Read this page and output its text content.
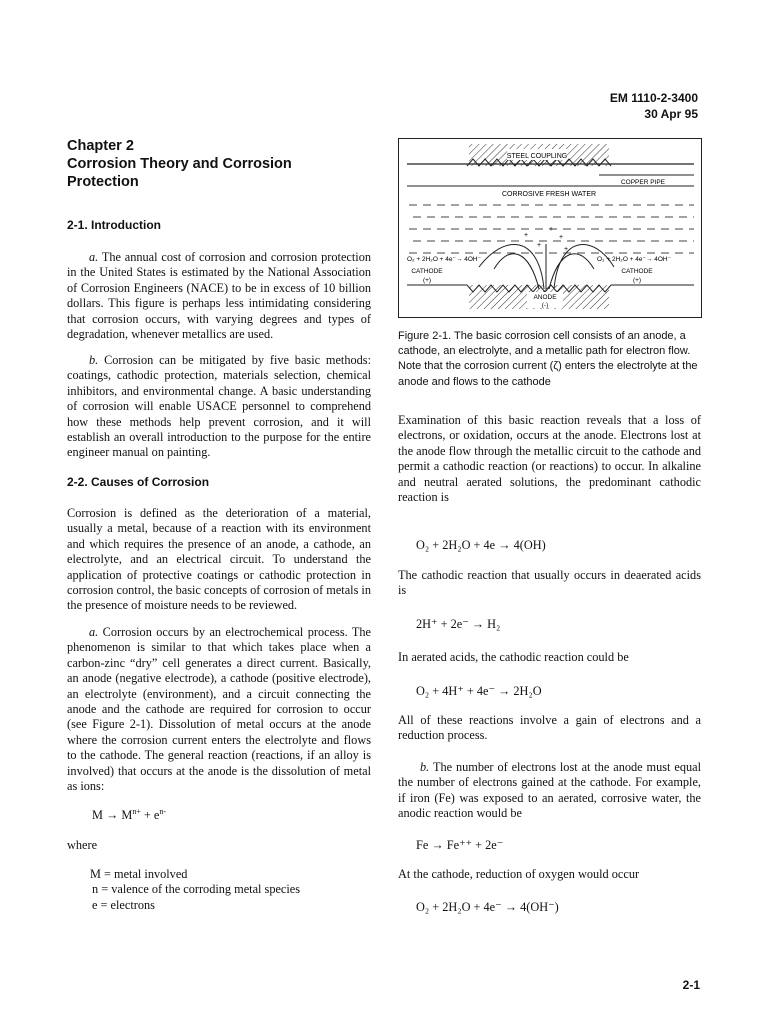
EM 1110-2-3400
30 Apr 95
Chapter 2
Corrosion Theory and Corrosion
Protection
2-1. Introduction
a. The annual cost of corrosion and corrosion protection in the United States is estimated by the National Association of Corrosion Engineers (NACE) to be in excess of 10 billion dollars. This figure is perhaps less intimidating considering that corrosion occurs, with varying degrees and types of degradation, whenever metallics are used.
b. Corrosion can be mitigated by five basic methods: coatings, cathodic protection, materials selection, chemical inhibitors, and environmental change. A basic understanding of corrosion will enable USACE personnel to comprehend how these methods help prevent corrosion, and it will establish an overall introduction to the purpose for the entire engineer manual on painting.
2-2. Causes of Corrosion
Corrosion is defined as the deterioration of a material, usually a metal, because of a reaction with its environment and which requires the presence of an anode, a cathode, an electrolyte, and an electrical circuit. To understand the application of protective coatings or cathodic protection in corrosion control, the basic concepts of corrosion of metals in the presence of moisture needs to be reviewed.
a. Corrosion occurs by an electrochemical process. The phenomenon is similar to that which takes place when a carbon-zinc “dry” cell generates a direct current. Basically, an anode (negative electrode), a cathode (positive electrode), an electrolyte (environment), and a circuit connecting the anode and the cathode are required for corrosion to occur (see Figure 2-1). Dissolution of metal occurs at the anode where the corrosion current enters the electrolyte and flows to the cathode. The general reaction (reactions, if an alloy is involved) that occurs at the anode is the dissolution of metal as ions:
$M \to M^{n+} + e^{n-}$
where
M = metal involved
n = valence of the corroding metal species
e = electrons
STEEL COUPLING
COPPER PIPE
CORROSIVE FRESH WATER
+
+
+
+
+
O₂ + 2H₂O + 4e⁻→ 4OH⁻	O₂ + 2H₂O + 4e⁻→ 4OH⁻
CATHODE
(+)
CATHODE
(+)
ANODE
(-)
Figure 2-1. The basic corrosion cell consists of an anode, a cathode, an electrolyte, and a metallic path for electron flow. Note that the corrosion current (ζ) enters the electrolyte at the anode and flows to the cathode
Examination of this basic reaction reveals that a loss of electrons, or oxidation, occurs at the anode. Electrons lost at the anode flow through the metallic circuit to the cathode and permit a cathodic reaction (or reactions) to occur. In alkaline and neutral aerated solutions, the predominant cathodic reaction is
O₂ + 2H₂O + 4e → 4(OH)
The cathodic reaction that usually occurs in deaerated acids is
2H⁺ + 2e⁻ → H₂
In aerated acids, the cathodic reaction could be
O₂ + 4H⁺ + 4e⁻ → 2H₂O
All of these reactions involve a gain of electrons and a reduction process.
b. The number of electrons lost at the anode must equal the number of electrons gained at the cathode. For example, if iron (Fe) was exposed to an aerated, corrosive water, the anodic reaction would be
Fe → Fe⁺⁺ + 2e⁻
At the cathode, reduction of oxygen would occur
O₂ + 2H₂O + 4e⁻ → 4(OH⁻)
2-1
